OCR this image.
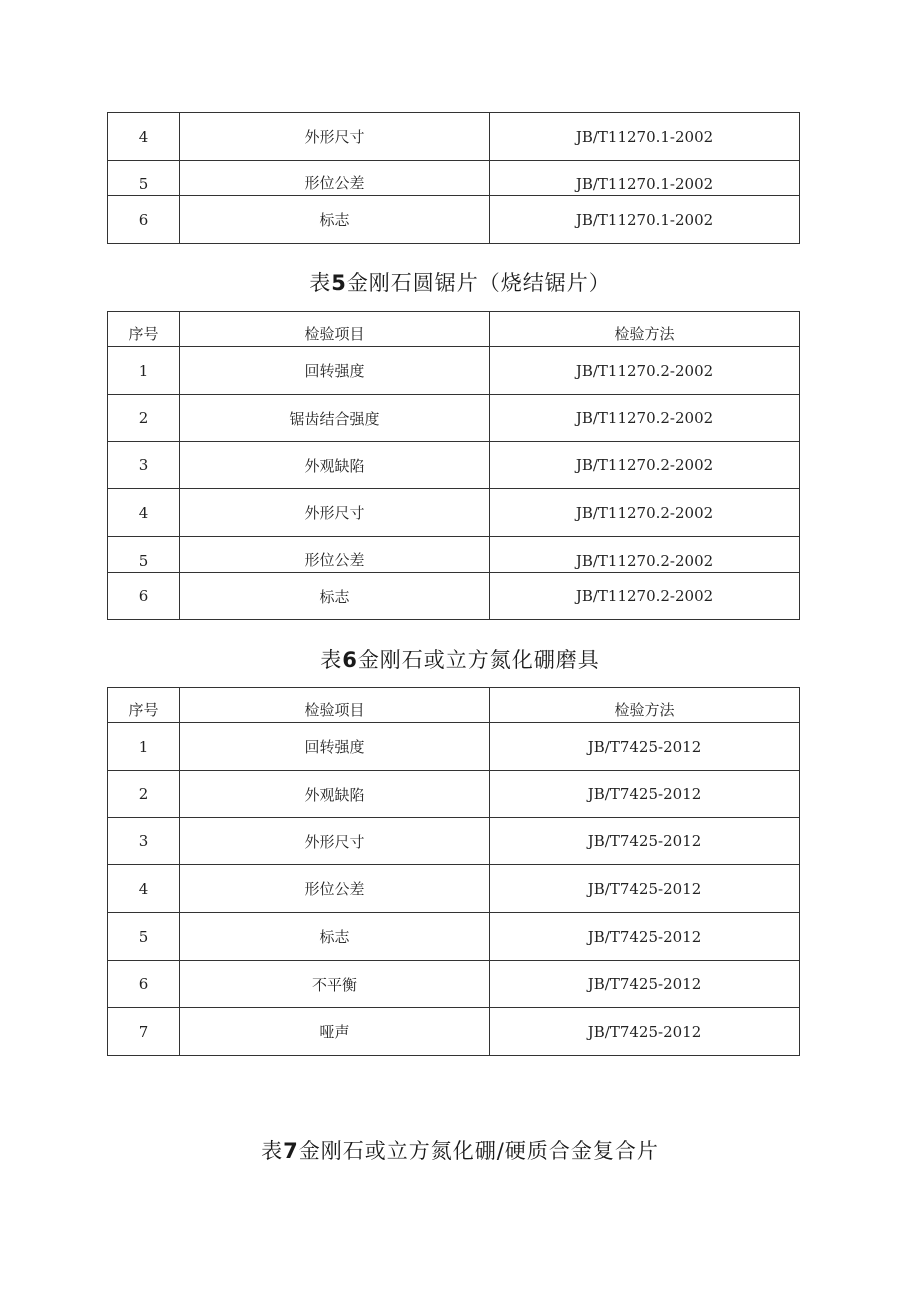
4	外形尺寸	JB/T11270.1-2002
5	形位公差	JB/T11270.1-2002
6	标志	JB/T11270.1-2002
表5金刚石圆锯片（烧结锯片）
序号	检验项目	检验方法
1	回转强度	JB/T11270.2-2002
2	锯齿结合强度	JB/T11270.2-2002
3	外观缺陷	JB/T11270.2-2002
4	外形尺寸	JB/T11270.2-2002
5	形位公差	JB/T11270.2-2002
6	标志	JB/T11270.2-2002
表6金刚石或立方氮化硼磨具
序号	检验项目	检验方法
1	回转强度	JB/T7425-2012
2	外观缺陷	JB/T7425-2012
3	外形尺寸	JB/T7425-2012
4	形位公差	JB/T7425-2012
5	标志	JB/T7425-2012
6	不平衡	JB/T7425-2012
7	哑声	JB/T7425-2012
表7金刚石或立方氮化硼/硬质合金复合片
